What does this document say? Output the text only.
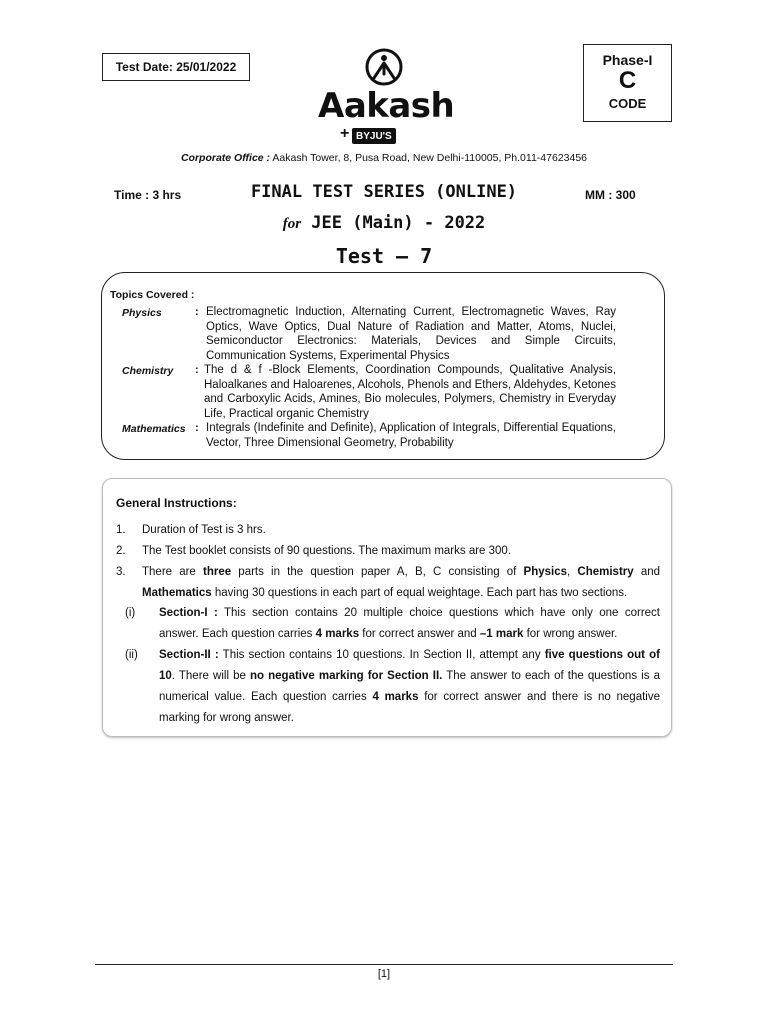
Test Date: 25/01/2022	Phase-I
C
CODE
Aakash
+ BYJU'S
Corporate Office : Aakash Tower, 8, Pusa Road, New Delhi-110005, Ph.011-47623456
Time : 3 hrs	MM : 300
FINAL TEST SERIES (ONLINE)
for JEE (Main) - 2022
Test – 7
Topics Covered :
Physics	: Electromagnetic Induction, Alternating Current, Electromagnetic Waves, Ray Optics, Wave Optics, Dual Nature of Radiation and Matter, Atoms, Nuclei, Semiconductor Electronics: Materials, Devices and Simple Circuits, Communication Systems, Experimental Physics
Chemistry : The d & f -Block Elements, Coordination Compounds, Qualitative Analysis, Haloalkanes and Haloarenes, Alcohols, Phenols and Ethers, Aldehydes, Ketones and Carboxylic Acids, Amines, Bio molecules, Polymers, Chemistry in Everyday Life, Practical organic Chemistry
Mathematics : Integrals (Indefinite and Definite), Application of Integrals, Differential Equations, Vector, Three Dimensional Geometry, Probability
General Instructions:
1. Duration of Test is 3 hrs.
2. The Test booklet consists of 90 questions. The maximum marks are 300.
3. There are three parts in the question paper A, B, C consisting of Physics, Chemistry and Mathematics having 30 questions in each part of equal weightage. Each part has two sections.
(i) Section-I : This section contains 20 multiple choice questions which have only one correct answer. Each question carries 4 marks for correct answer and –1 mark for wrong answer.
(ii) Section-II : This section contains 10 questions. In Section II, attempt any five questions out of 10. There will be no negative marking for Section II. The answer to each of the questions is a numerical value. Each question carries 4 marks for correct answer and there is no negative marking for wrong answer.
[1]
